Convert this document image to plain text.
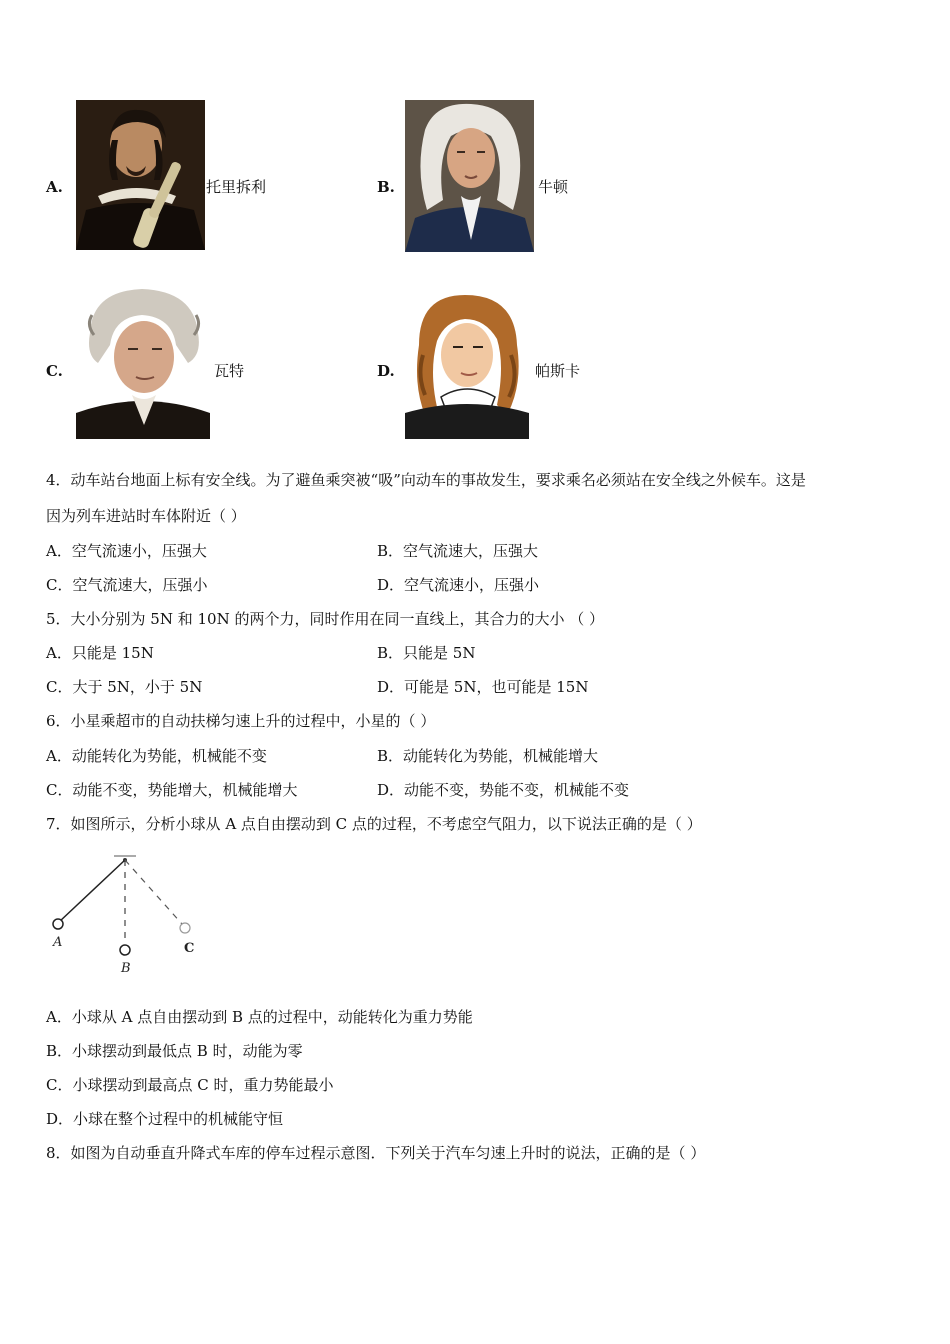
A.	托里拆利	B.	牛顿
C.	瓦特	D.	帕斯卡
4．动车站台地面上标有安全线。为了避鱼乘突被“吸”向动车的事故发生，要求乘名必须站在安全线之外候车。这是
因为列车进站时车体附近（ ）
A．空气流速小，压强大	B．空气流速大，压强大
C．空气流速大，压强小	D．空气流速小，压强小
5．大小分别为 5N 和 10N 的两个力，同时作用在同一直线上，其合力的大小 （ ）
A．只能是 15N	B．只能是 5N
C．大于 5N，小于 5N	D．可能是 5N，也可能是 15N
6．小星乘超市的自动扶梯匀速上升的过程中，小星的（ ）
A．动能转化为势能，机械能不变	B．动能转化为势能，机械能增大
C．动能不变，势能增大，机械能增大	D．动能不变，势能不变，机械能不变
7．如图所示，分析小球从 A 点自由摆动到 C 点的过程，不考虑空气阻力，以下说法正确的是（ ）
A
B
C
A．小球从 A 点自由摆动到 B 点的过程中，动能转化为重力势能
B．小球摆动到最低点 B 时，动能为零
C．小球摆动到最高点 C 时，重力势能最小
D．小球在整个过程中的机械能守恒
8．如图为自动垂直升降式车库的停车过程示意图．下列关于汽车匀速上升时的说法，正确的是（ ）
